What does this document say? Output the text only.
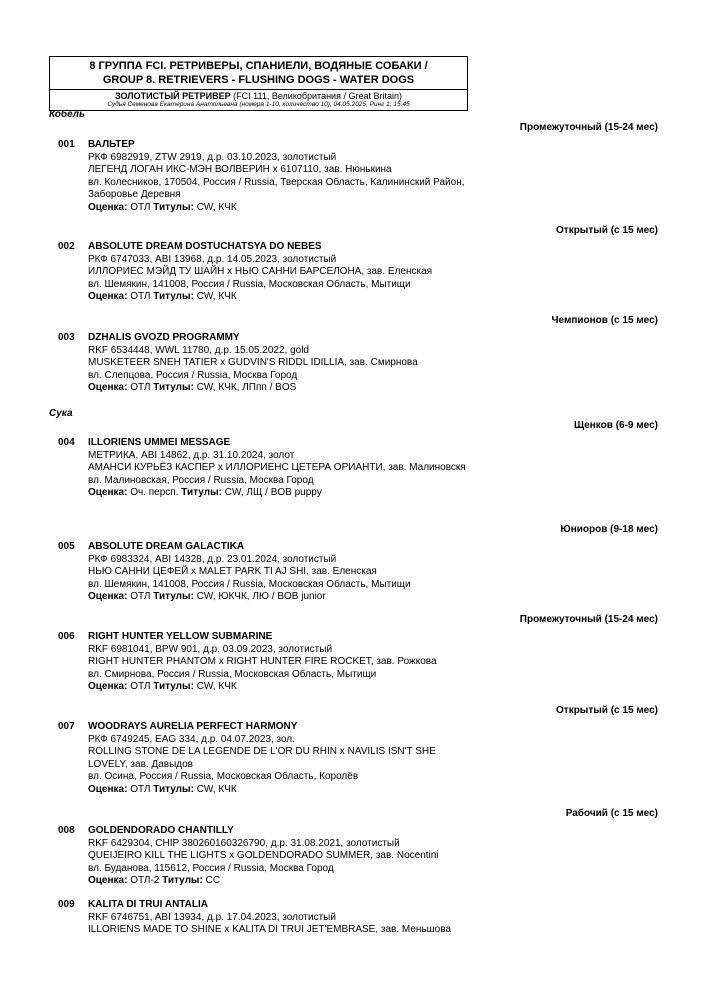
8 ГРУППА FCI. РЕТРИВЕРЫ, СПАНИЕЛИ, ВОДЯНЫЕ СОБАКИ /
GROUP 8. RETRIEVERS - FLUSHING DOGS - WATER DOGS
ЗОЛОТИСТЫЙ РЕТРИВЕР (FCI 111, Великобритания / Great Britain)
Судья Семенова Екатерина Анатольевна (номера 1-10, количество 10), 04.05.2025, Ринг 1, 15:45
Кобель
Промежуточный (15-24 мес)
001 ВАЛЬТЕР
РКФ 6982919, ZTW 2919, д.р. 03.10.2023, золотистый
ЛЕГЕНД ЛОГАН ИКС-МЭН ВОЛВЕРИН x 6107110, зав. Нюнькина
вл. Колесников, 170504, Россия / Russia, Тверская Область, Калининский Район, Заборовье Деревня
Оценка: ОТЛ Титулы: CW, КЧК
Открытый (с 15 мес)
002 ABSOLUTE DREAM DOSTUCHATSYA DO NEBES
РКФ 6747033, ABI 13968, д.р. 14.05.2023, золотистый
ИЛЛОРИЕС МЭЙД ТУ ШАЙН x НЬЮ САННИ БАРСЕЛОНА, зав. Еленская
вл. Шемякин, 141008, Россия / Russia, Московская Область, Мытищи
Оценка: ОТЛ Титулы: CW, КЧК
Чемпионов (с 15 мес)
003 DZHALIS GVOZD PROGRAMMY
RKF 6534448, WWL 11780, д.р. 15.05.2022, gold
MUSKETEER SNEH TATIER x GUDVIN'S RIDDL IDILLIA, зав. Смирнова
вл. Слепцова, Россия / Russia, Москва Город
Оценка: ОТЛ Титулы: CW, КЧК, ЛПпп / BOS
Сука
Щенков (6-9 мес)
004 ILLORIENS UMMEI MESSAGE
МЕТРИКА, ABI 14862, д.р. 31.10.2024, золот
АМАНСИ КУРЬЁЗ КАСПЕР x ИЛЛОРИЕНС ЦЕТЕРА ОРИАНТИ, зав. Малиновскя
вл. Малиновская, Россия / Russia, Москва Город
Оценка: Оч. персп. Титулы: CW, ЛЩ / BOB puppy
Юниоров (9-18 мес)
005 ABSOLUTE DREAM GALACTIKA
РКФ 6983324, ABI 14328, д.р. 23.01.2024, золотистый
НЬЮ САННИ ЦЕФЕЙ x MALET PARK TI AJ SHI, зав. Еленская
вл. Шемякин, 141008, Россия / Russia, Московская Область, Мытищи
Оценка: ОТЛ Титулы: CW, ЮКЧК, ЛЮ / BOB junior
Промежуточный (15-24 мес)
006 RIGHT HUNTER YELLOW SUBMARINE
RKF 6981041, BPW 901, д.р. 03.09.2023, золотистый
RIGHT HUNTER PHANTOM x RIGHT HUNTER FIRE ROCKET, зав. Рожкова
вл. Смирнова, Россия / Russia, Московская Область, Мытищи
Оценка: ОТЛ Титулы: CW, КЧК
Открытый (с 15 мес)
007 WOODRAYS AURELIA PERFECT HARMONY
РКФ 6749245, EAG 334, д.р. 04.07.2023, зол.
ROLLING STONE DE LA LEGENDE DE L'OR DU RHIN x NAVILIS ISN'T SHE LOVELY, зав. Давыдов
вл. Осина, Россия / Russia, Московская Область, Королёв
Оценка: ОТЛ Титулы: CW, КЧК
Рабочий (с 15 мес)
008 GOLDENDORADO CHANTILLY
RKF 6429304, CHIP 380260160326790, д.р. 31.08.2021, золотистый
QUEIJEIRO KILL THE LIGHTS x GOLDENDORADO SUMMER, зав. Nocentini
вл. Буданова, 115612, Россия / Russia, Москва Город
Оценка: ОТЛ-2 Титулы: CC
009 KALITA DI TRUI ANTALIA
RKF 6746751, ABI 13934, д.р. 17.04.2023, золотистый
ILLORIENS MADE TO SHINE x KALITA DI TRUI JET'EMBRASE, зав. Меньшова
